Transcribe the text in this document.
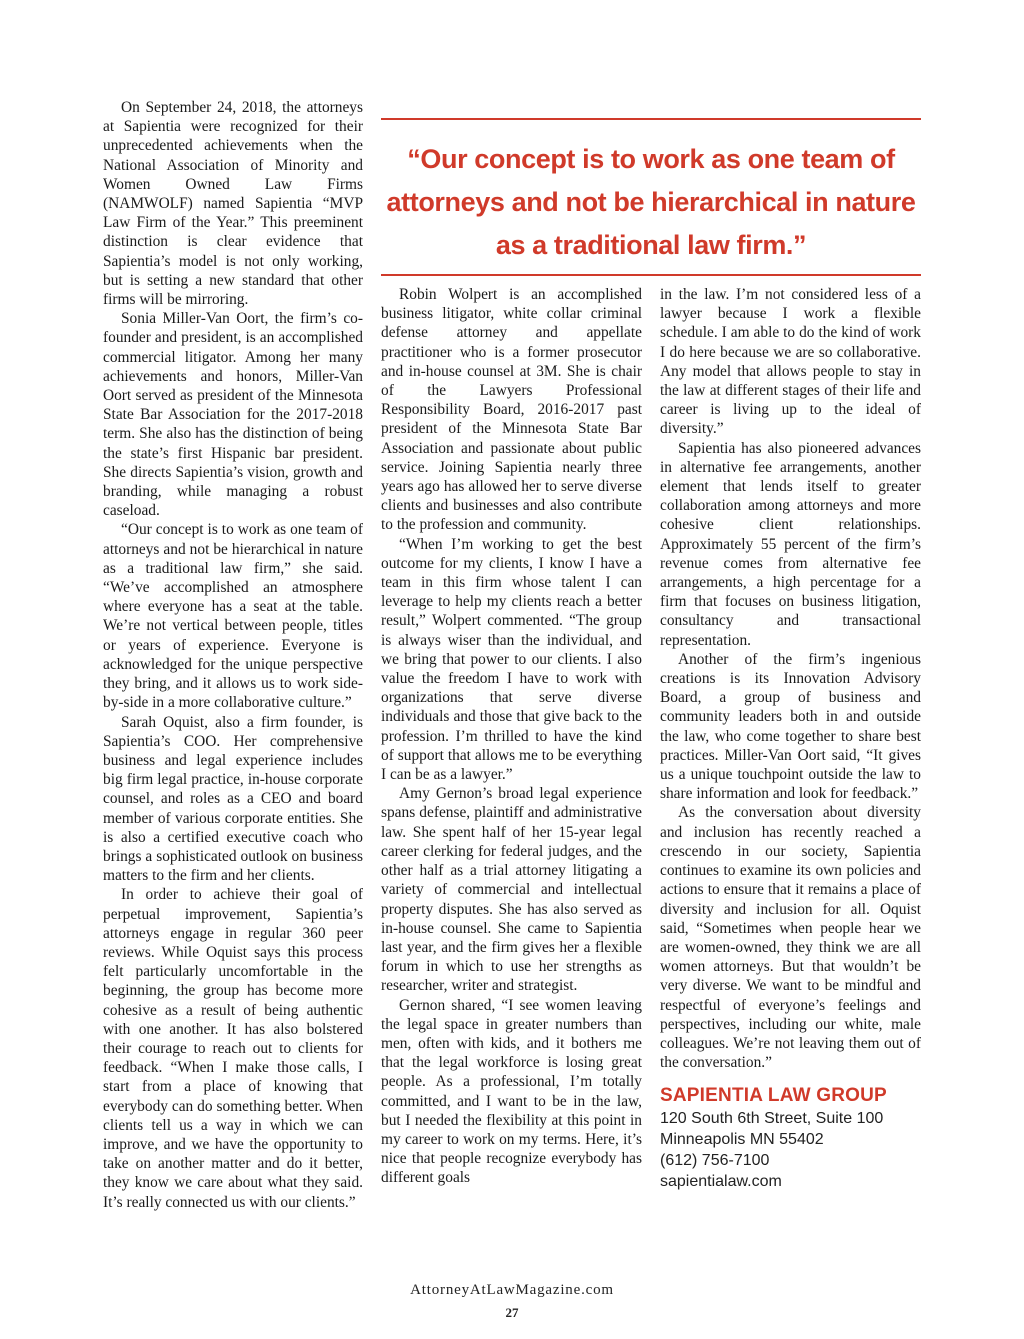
On September 24, 2018, the attorneys at Sapientia were recognized for their unprecedented achievements when the National Association of Minority and Women Owned Law Firms (NAMWOLF) named Sapientia “MVP Law Firm of the Year.” This preeminent distinction is clear evidence that Sapientia’s model is not only working, but is setting a new standard that other firms will be mirroring.

Sonia Miller-Van Oort, the firm’s co-founder and president, is an accomplished commercial litigator. Among her many achievements and honors, Miller-Van Oort served as president of the Minnesota State Bar Association for the 2017-2018 term. She also has the distinction of being the state’s first Hispanic bar president. She directs Sapientia’s vision, growth and branding, while managing a robust caseload.

“Our concept is to work as one team of attorneys and not be hierarchical in nature as a traditional law firm,” she said. “We’ve accomplished an atmosphere where everyone has a seat at the table. We’re not vertical between people, titles or years of experience. Everyone is acknowledged for the unique perspective they bring, and it allows us to work side-by-side in a more collaborative culture.”

Sarah Oquist, also a firm founder, is Sapientia’s COO. Her comprehensive business and legal experience includes big firm legal practice, in-house corporate counsel, and roles as a CEO and board member of various corporate entities. She is also a certified executive coach who brings a sophisticated outlook on business matters to the firm and her clients.

In order to achieve their goal of perpetual improvement, Sapientia’s attorneys engage in regular 360 peer reviews. While Oquist says this process felt particularly uncomfortable in the beginning, the group has become more cohesive as a result of being authentic with one another. It has also bolstered their courage to reach out to clients for feedback. “When I make those calls, I start from a place of knowing that everybody can do something better. When clients tell us a way in which we can improve, and we have the opportunity to take on another matter and do it better, they know we care about what they said. It’s really connected us with our clients.”

“Our concept is to work as one team of attorneys and not be hierarchical in nature as a traditional law firm.”

Robin Wolpert is an accomplished business litigator, white collar criminal defense attorney and appellate practitioner who is a former prosecutor and in-house counsel at 3M. She is chair of the Lawyers Professional Responsibility Board, 2016-2017 past president of the Minnesota State Bar Association and passionate about public service. Joining Sapientia nearly three years ago has allowed her to serve diverse clients and businesses and also contribute to the profession and community.

“When I’m working to get the best outcome for my clients, I know I have a team in this firm whose talent I can leverage to help my clients reach a better result,” Wolpert commented. “The group is always wiser than the individual, and we bring that power to our clients. I also value the freedom I have to work with organizations that serve diverse individuals and those that give back to the profession. I’m thrilled to have the kind of support that allows me to be everything I can be as a lawyer.”

Amy Gernon’s broad legal experience spans defense, plaintiff and administrative law. She spent half of her 15-year legal career clerking for federal judges, and the other half as a trial attorney litigating a variety of commercial and intellectual property disputes. She has also served as in-house counsel. She came to Sapientia last year, and the firm gives her a flexible forum in which to use her strengths as researcher, writer and strategist.

Gernon shared, “I see women leaving the legal space in greater numbers than men, often with kids, and it bothers me that the legal workforce is losing great people. As a professional, I’m totally committed, and I want to be in the law, but I needed the flexibility at this point in my career to work on my terms. Here, it’s nice that people recognize everybody has different goals

in the law. I’m not considered less of a lawyer because I work a flexible schedule. I am able to do the kind of work I do here because we are so collaborative. Any model that allows people to stay in the law at different stages of their life and career is living up to the ideal of diversity.”

Sapientia has also pioneered advances in alternative fee arrangements, another element that lends itself to greater collaboration among attorneys and more cohesive client relationships. Approximately 55 percent of the firm’s revenue comes from alternative fee arrangements, a high percentage for a firm that focuses on business litigation, consultancy and transactional representation.

Another of the firm’s ingenious creations is its Innovation Advisory Board, a group of business and community leaders both in and outside the law, who come together to share best practices. Miller-Van Oort said, “It gives us a unique touchpoint outside the law to share information and look for feedback.”

As the conversation about diversity and inclusion has recently reached a crescendo in our society, Sapientia continues to examine its own policies and actions to ensure that it remains a place of diversity and inclusion for all. Oquist said, “Sometimes when people hear we are women-owned, they think we are all women attorneys. But that wouldn’t be very diverse. We want to be mindful and respectful of everyone’s feelings and perspectives, including our white, male colleagues. We’re not leaving them out of the conversation.”

SAPIENTIA LAW GROUP
120 South 6th Street, Suite 100
Minneapolis MN 55402
(612) 756-7100
sapientialaw.com
AttorneyAtLawMagazine.com
27
